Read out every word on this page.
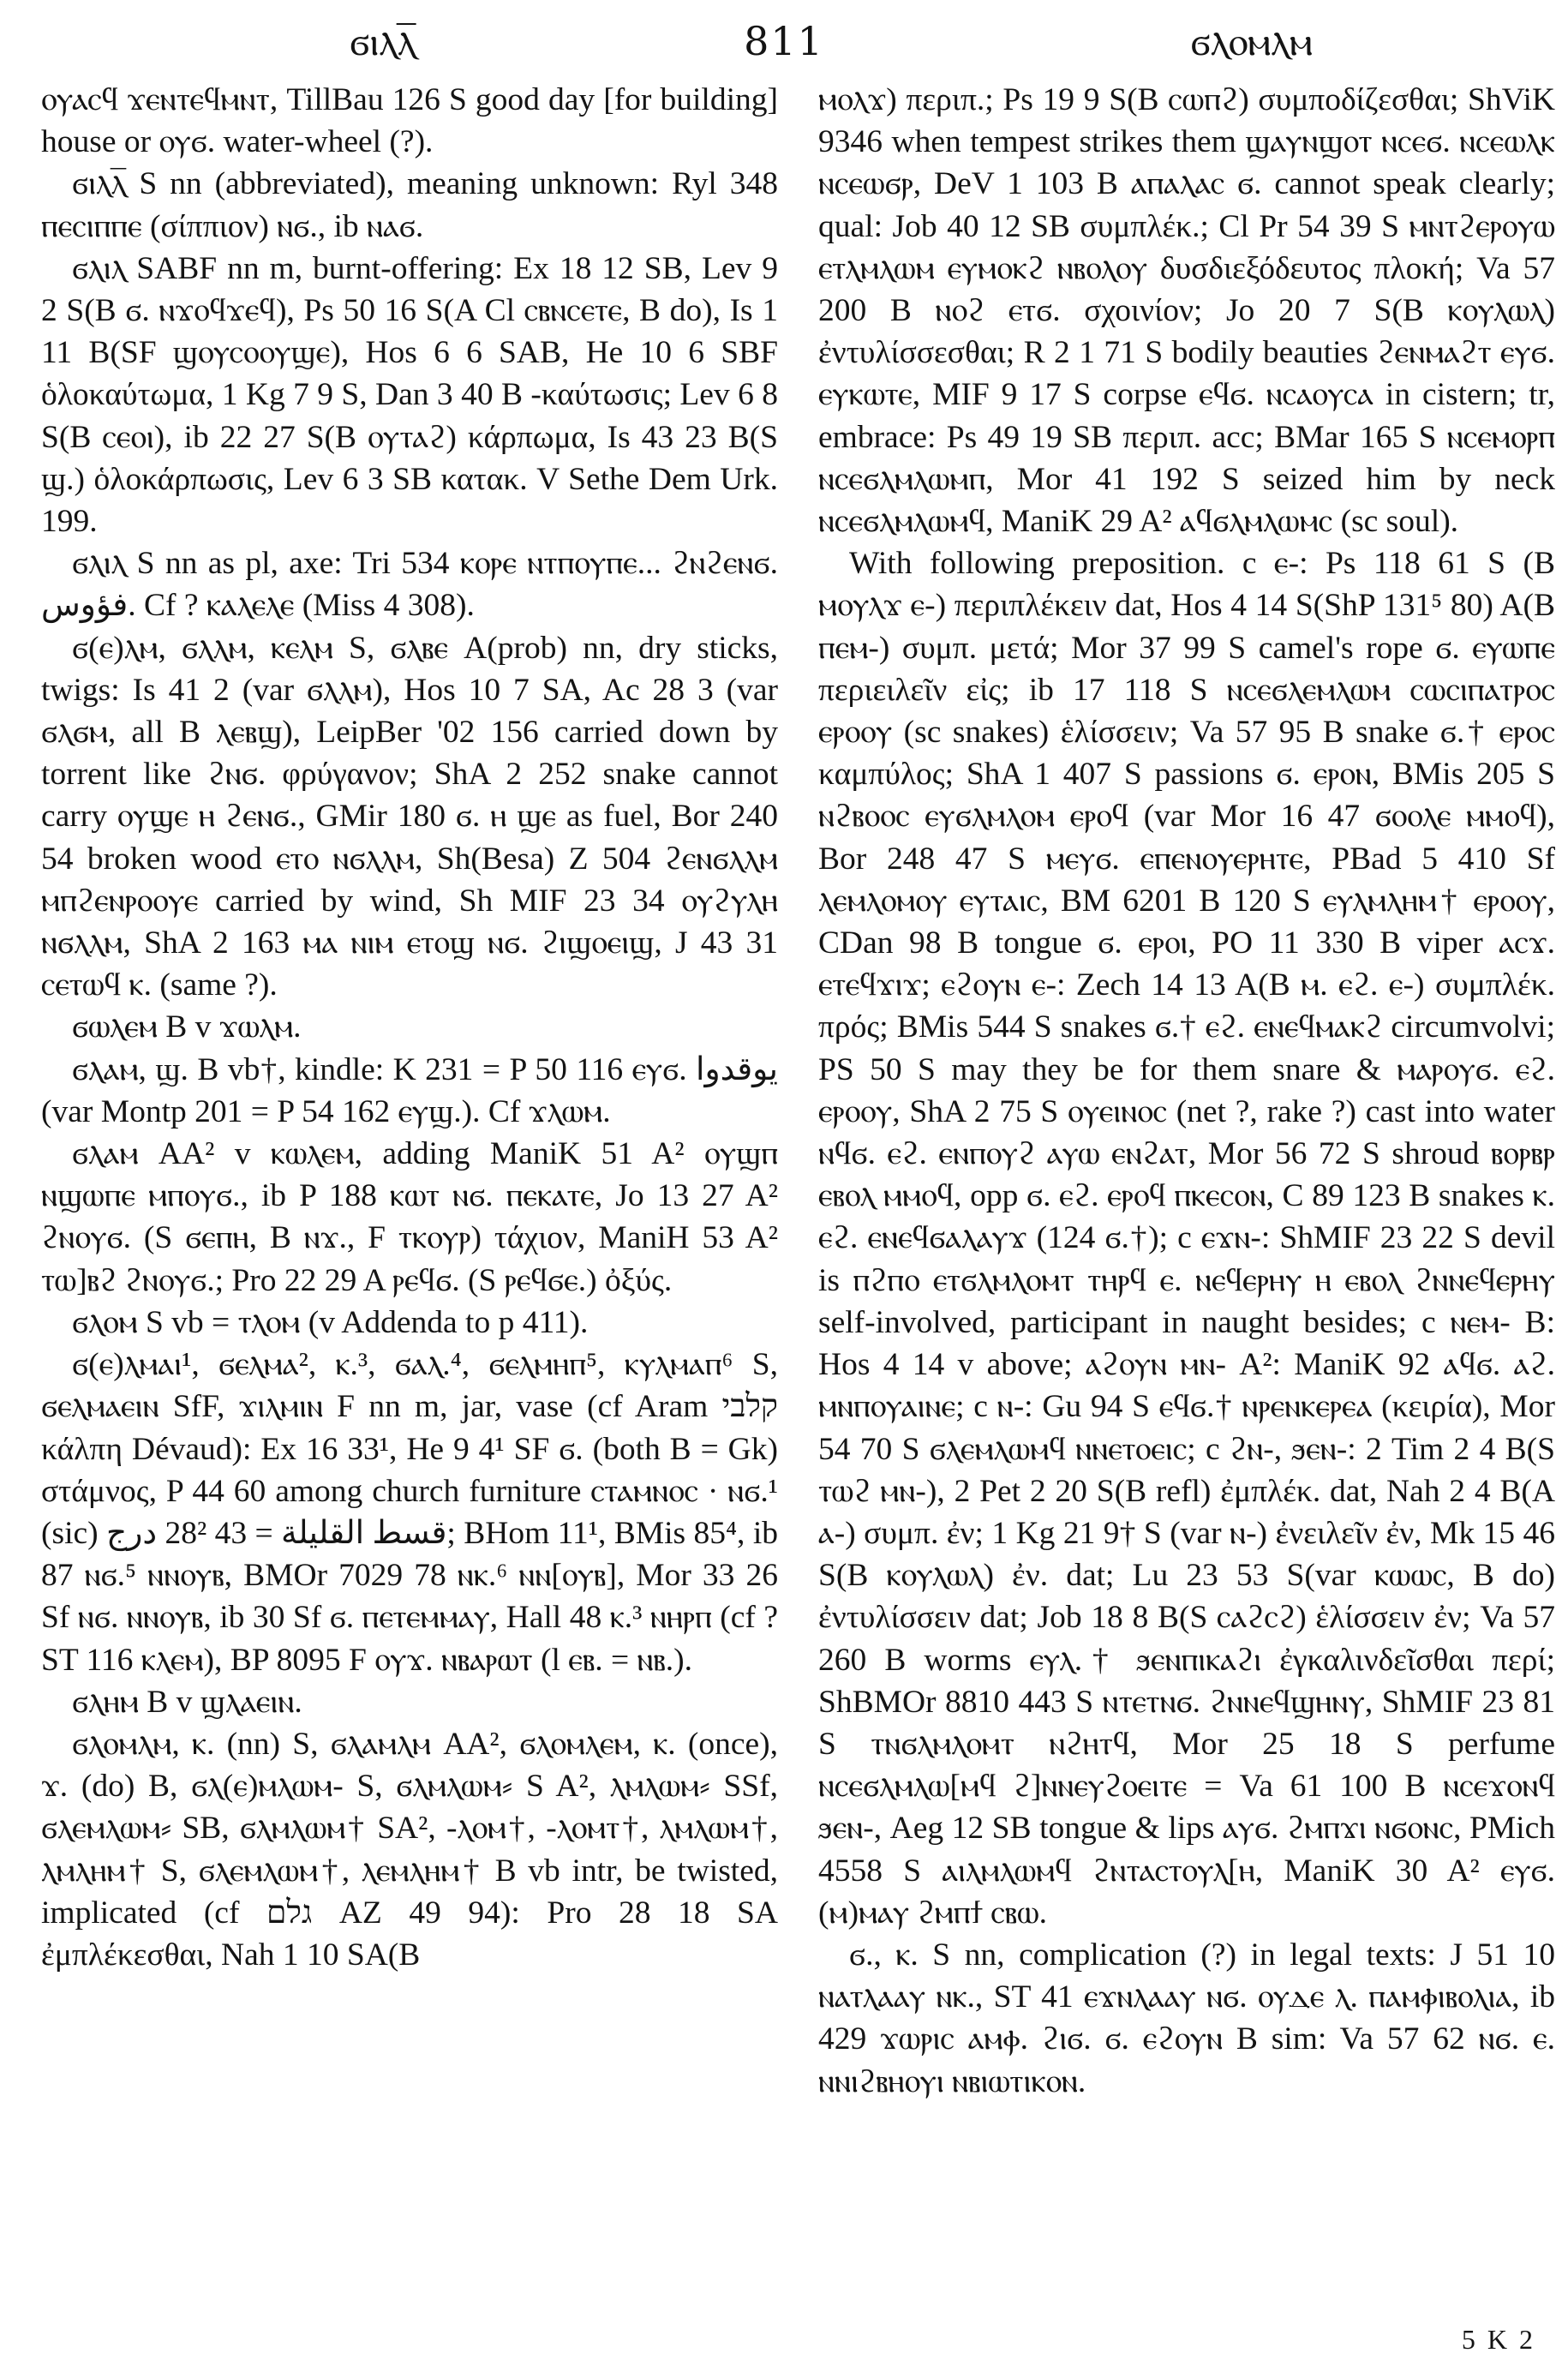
811
ϭⲓⲗⲗ̅	ϭⲗⲟⲙⲗⲙ

ⲟⲩⲁⲥϥ ϫⲉⲛⲧⲉϥⲙⲛⲧ, TillBau 126 S good day [for building] house or ⲟⲩϭ. water-wheel (?).

ϭⲓⲗⲗ̅ S nn (abbreviated), meaning unknown: Ryl 348 ⲡⲉⲥⲓⲡⲡⲉ (σίππιον) ⲛϭ., ib ⲛⲁϭ.

ϭⲗⲓⲗ SABF nn m, burnt-offering: Ex 18 12 SB, Lev 9 2 S(B ϭ. ⲛϫⲟϥϫⲉϥ), Ps 50 16 S(A Cl ⲥⲃⲛⲥⲉⲧⲉ, B do), Is 1 11 B(SF ϣⲟⲩⲥⲟⲟⲩϣⲉ), Hos 6 6 SAB, He 10 6 SBF ὁλοκαύτωμα, 1 Kg 7 9 S, Dan 3 40 B -καύτωσις; Lev 6 8 S(B ⲥⲉⲟⲓ), ib 22 27 S(B ⲟⲩⲧⲁϩ) κάρπωμα, Is 43 23 B(S ϣ.) ὁλοκάρπωσις, Lev 6 3 SB κατακ. V Sethe Dem Urk. 199.

ϭⲗⲓⲗ S nn as pl, axe: Tri 534 ⲕⲟⲣⲉ ⲛⲧⲡⲟⲩⲡⲉ... ϩⲛϩⲉⲛϭ. ﻓﺆﻭﺱ. Cf ? ⲕⲁⲗⲉⲗⲉ (Miss 4 308).

ϭ(ⲉ)ⲗⲙ, ϭⲗⲗⲙ, ⲕⲉⲗⲙ S, ϭⲗⲃⲉ A(prob) nn, dry sticks, twigs: Is 41 2 (var ϭⲗⲗⲙ), Hos 10 7 SA, Ac 28 3 (var ϭⲗϭⲙ, all B ⲗⲉⲃϣ), LeipBer '02 156 carried down by torrent like ϩⲛϭ. φρύγανον; ShA 2 252 snake cannot carry ⲟⲩϣⲉ ⲏ ϩⲉⲛϭ., GMir 180 ϭ. ⲏ ϣⲉ as fuel, Bor 240 54 broken wood ⲉⲧⲟ ⲛϭⲗⲗⲙ, Sh(Besa) Z 504 ϩⲉⲛϭⲗⲗⲙ ⲙⲡϩⲉⲛⲣⲟⲟⲩⲉ carried by wind, Sh MIF 23 34 ⲟⲩϩⲩⲗⲏ ⲛϭⲗⲗⲙ, ShA 2 163 ⲙⲁ ⲛⲓⲙ ⲉⲧⲟϣ ⲛϭ. ϩⲓϣⲟⲉⲓϣ, J 43 31 ⲥⲉⲧⲱϥ ⲕ. (same ?).

ϭⲱⲗⲉⲙ B v ϫⲱⲗⲙ.

ϭⲗⲁⲙ, ϣ. B vb†, kindle: K 231 = P 50 116 ⲉⲩϭ. ﻳﻮﻗﺪﻭﺍ (var Montp 201 = P 54 162 ⲉⲩϣ.). Cf ϫⲗⲱⲙ.

ϭⲗⲁⲙ AA² v ⲕⲱⲗⲉⲙ, adding ManiK 51 A² ⲟⲩϣⲡ ⲛϣⲱⲡⲉ ⲙⲡⲟⲩϭ., ib P 188 ⲕⲱⲧ ⲛϭ. ⲡⲉⲕⲁⲧⲉ, Jo 13 27 A² ϩⲛⲟⲩϭ. (S ϭⲉⲡⲏ, B ⲛϫ., F ⲧⲕⲟⲩⲣ) τάχιον, ManiH 53 A² ⲧⲱ]ⲃϩ ϩⲛⲟⲩϭ.; Pro 22 29 A ⲣⲉϥϭ. (S ⲣⲉϥϭⲉ.) ὀξύς.

ϭⲗⲟⲙ S vb = ⲧⲗⲟⲙ (v Addenda to p 411).

ϭ(ⲉ)ⲗⲙⲁⲓ¹, ϭⲉⲗⲙⲁ², ⲕ.³, ϭⲁⲗ.⁴, ϭⲉⲗⲙⲏⲡ⁵, ⲕⲩⲗⲙⲁⲡ⁶ S, ϭⲉⲗⲙⲁⲉⲓⲛ SfF, ϫⲓⲗⲙⲓⲛ F nn m, jar, vase (cf Aram קלבי κάλπη Dévaud): Ex 16 33¹, He 9 4¹ SF ϭ. (both B = Gk) στάμνος, P 44 60 among church furniture ⲥⲧⲁⲙⲛⲟⲥ · ⲛϭ.¹ (sic) ﻗﺴﻂ ﺍﻟﻘﻠﻴﻠﺔ = 43 28² ﺩﺭﺝ; BHom 11¹, BMis 85⁴, ib 87 ⲛϭ.⁵ ⲛⲛⲟⲩⲃ, BMOr 7029 78 ⲛⲕ.⁶ ⲛⲛ[ⲟⲩⲃ], Mor 33 26 Sf ⲛϭ. ⲛⲛⲟⲩⲃ, ib 30 Sf ϭ. ⲡⲉⲧⲉⲙⲙⲁⲩ, Hall 48 ⲕ.³ ⲛⲏⲣⲡ (cf ? ST 116 ⲕⲗⲉⲙ), BP 8095 F ⲟⲩϫ. ⲛⲃⲁⲣⲱⲧ (l ⲉⲃ. = ⲛⲃ.).

ϭⲗⲏⲙ B v ϣⲗⲁⲉⲓⲛ.

ϭⲗⲟⲙⲗⲙ, ⲕ. (nn) S, ϭⲗⲁⲙⲗⲙ AA², ϭⲗⲟⲙⲗⲉⲙ, ⲕ. (once), ϫ. (do) B, ϭⲗ(ⲉ)ⲙⲗⲱⲙ- S, ϭⲗⲙⲗⲱⲙ⸗ S A², ⲗⲙⲗⲱⲙ⸗ SSf, ϭⲗⲉⲙⲗⲱⲙ⸗ SB, ϭⲗⲙⲗⲱⲙ† SA², -ⲗⲟⲙ†, -ⲗⲟⲙⲧ†, ⲗⲙⲗⲱⲙ†, ⲗⲙⲗⲏⲙ† S, ϭⲗⲉⲙⲗⲱⲙ†, ⲗⲉⲙⲗⲏⲙ† B vb intr, be twisted, implicated (cf גלם AZ 49 94): Pro 28 18 SA ἐμπλέκεσθαι, Nah 1 10 SA(B

ⲙⲟⲗϫ) περιπ.; Ps 19 9 S(B ⲥⲱⲡϩ) συμποδίζεσθαι; ShViK 9346 when tempest strikes them ϣⲁⲩⲛϣⲟⲧ ⲛⲥⲉϭ. ⲛⲥⲉⲱⲗⲕ ⲛⲥⲉⲱϭⲣ, DeV 1 103 B ⲁⲡⲁⲗⲁⲥ ϭ. cannot speak clearly; qual: Job 40 12 SB συμπλέκ.; Cl Pr 54 39 S ⲙⲛⲧϩⲉⲣⲟⲩⲱ ⲉⲧⲗⲙⲗⲱⲙ ⲉⲩⲙⲟⲕϩ ⲛⲃⲟⲗⲟⲩ δυσδιεξόδευτος πλοκή; Va 57 200 B ⲛⲟϩ ⲉⲧϭ. σχοινίον; Jo 20 7 S(B ⲕⲟⲩⲗⲱⲗ) ἐντυλίσσεσθαι; R 2 1 71 S bodily beauties ϩⲉⲛⲙⲁϩⲧ ⲉⲩϭ. ⲉⲩⲕⲱⲧⲉ, MIF 9 17 S corpse ⲉϥϭ. ⲛⲥⲁⲟⲩⲥⲁ in cistern; tr, embrace: Ps 49 19 SB περιπ. acc; BMar 165 S ⲛⲥⲉⲙⲟⲣⲡ ⲛⲥⲉϭⲗⲙⲗⲱⲙⲡ, Mor 41 192 S seized him by neck ⲛⲥⲉϭⲗⲙⲗⲱⲙϥ, ManiK 29 A² ⲁϥϭⲗⲙⲗⲱⲙⲥ (sc soul).

With following preposition. c ⲉ-: Ps 118 61 S (B ⲙⲟⲩⲗϫ ⲉ-) περιπλέκειν dat, Hos 4 14 S(ShP 131⁵ 80) A(B ⲡⲉⲙ-) συμπ. μετά; Mor 37 99 S camel's rope ϭ. ⲉⲩⲱⲡⲉ περιειλεῖν εἰς; ib 17 118 S ⲛⲥⲉϭⲗⲉⲙⲗⲱⲙ ⲥⲱⲥⲓⲡⲁⲧⲣⲟⲥ ⲉⲣⲟⲟⲩ (sc snakes) ἑλίσσειν; Va 57 95 B snake ϭ.† ⲉⲣⲟⲥ καμπύλος; ShA 1 407 S passions ϭ. ⲉⲣⲟⲛ, BMis 205 S ⲛϩⲃⲟⲟⲥ ⲉⲩϭⲗⲙⲗⲟⲙ ⲉⲣⲟϥ (var Mor 16 47 ϭⲟⲟⲗⲉ ⲙⲙⲟϥ), Bor 248 47 S ⲙⲉⲩϭ. ⲉⲡⲉⲛⲟⲩⲉⲣⲏⲧⲉ, PBad 5 410 Sf ⲗⲉⲙⲗⲟⲙⲟⲩ ⲉⲩⲧⲁⲓⲥ, BM 6201 B 120 S ⲉⲩⲗⲙⲗⲏⲙ† ⲉⲣⲟⲟⲩ, CDan 98 B tongue ϭ. ⲉⲣⲟⲓ, PO 11 330 B viper ⲁⲥϫ. ⲉⲧⲉϥϫⲓϫ; ⲉϩⲟⲩⲛ ⲉ-: Zech 14 13 A(B ⲙ. ⲉϩ. ⲉ-) συμπλέκ. πρός; BMis 544 S snakes ϭ.† ⲉϩ. ⲉⲛⲉϥⲙⲁⲕϩ circumvolvi; PS 50 S may they be for them snare & ⲙⲁⲣⲟⲩϭ. ⲉϩ. ⲉⲣⲟⲟⲩ, ShA 2 75 S ⲟⲩⲉⲓⲛⲟⲥ (net ?, rake ?) cast into water ⲛϥϭ. ⲉϩ. ⲉⲛⲡⲟⲩϩ ⲁⲩⲱ ⲉⲛϩⲁⲧ, Mor 56 72 S shroud ⲃⲟⲣⲃⲣ ⲉⲃⲟⲗ ⲙⲙⲟϥ, opp ϭ. ⲉϩ. ⲉⲣⲟϥ ⲡⲕⲉⲥⲟⲛ, C 89 123 B snakes ⲕ. ⲉϩ. ⲉⲛⲉϥϭⲁⲗⲁⲩϫ (124 ϭ.†); c ⲉϫⲛ-: ShMIF 23 22 S devil is ⲡϩⲡⲟ ⲉⲧϭⲗⲙⲗⲟⲙⲧ ⲧⲏⲣϥ ⲉ. ⲛⲉϥⲉⲣⲏⲩ ⲏ ⲉⲃⲟⲗ ϩⲛⲛⲉϥⲉⲣⲏⲩ self-involved, participant in naught besides; c ⲛⲉⲙ- B: Hos 4 14 v above; ⲁϩⲟⲩⲛ ⲙⲛ- A²: ManiK 92 ⲁϥϭ. ⲁϩ. ⲙⲛⲡⲟⲩⲁⲓⲛⲉ; c ⲛ-: Gu 94 S ⲉϥϭ.† ⲛⲣⲉⲛⲕⲉⲣⲉⲁ (κειρία), Mor 54 70 S ϭⲗⲉⲙⲗⲱⲙϥ ⲛⲛⲉⲧⲟⲉⲓⲥ; c ϩⲛ-, ϧⲉⲛ-: 2 Tim 2 4 B(S ⲧⲱϩ ⲙⲛ-), 2 Pet 2 20 S(B refl) ἐμπλέκ. dat, Nah 2 4 B(A ⲁ-) συμπ. ἐν; 1 Kg 21 9† S (var ⲛ-) ἐνειλεῖν ἐν, Mk 15 46 S(B ⲕⲟⲩⲗⲱⲗ) ἐν. dat; Lu 23 53 S(var ⲕⲱⲱⲥ, B do) ἐντυλίσσειν dat; Job 18 8 B(S ⲥⲁϩⲥϩ) ἑλίσσειν ἐν; Va 57 260 B worms ⲉⲩⲗ.† ϧⲉⲛⲡⲓⲕⲁϩⲓ ἐγκαλινδεῖσθαι περί; ShBMOr 8810 443 S ⲛⲧⲉⲧⲛϭ. ϩⲛⲛⲉϥϣⲏⲛⲩ, ShMIF 23 81 S ⲧⲛϭⲗⲙⲗⲟⲙⲧ ⲛϩⲏⲧϥ, Mor 25 18 S perfume ⲛⲥⲉϭⲗⲙⲗⲱ[ⲙϥ ϩ]ⲛⲛⲉⲩϩⲟⲉⲓⲧⲉ = Va 61 100 B ⲛⲥⲉϫⲟⲛϥ ϧⲉⲛ-, Aeg 12 SB tongue & lips ⲁⲩϭ. ϩⲙⲡϫⲓ ⲛϭⲟⲛⲥ, PMich 4558 S ⲁⲓⲗⲙⲗⲱⲙϥ ϩⲛⲧⲁⲥⲧⲟⲩⲗ[ⲏ, ManiK 30 A² ⲉⲩϭ. (ⲙ)ⲙⲁⲩ ϩⲙⲡϯ ⲥⲃⲱ.

ϭ., ⲕ. S nn, complication (?) in legal texts: J 51 10 ⲛⲁⲧⲗⲁⲁⲩ ⲛⲕ., ST 41 ⲉϫⲛⲗⲁⲁⲩ ⲛϭ. ⲟⲩⲇⲉ ⲗ. ⲡⲁⲙⲫⲓⲃⲟⲗⲓⲁ, ib 429 ϫⲱⲣⲓⲥ ⲁⲙⲫ. ϩⲓϭ. ϭ. ⲉϩⲟⲩⲛ B sim: Va 57 62 ⲛϭ. ⲉ. ⲛⲛⲓϩⲃⲏⲟⲩⲓ ⲛⲃⲓⲱⲧⲓⲕⲟⲛ.

5 K 2
